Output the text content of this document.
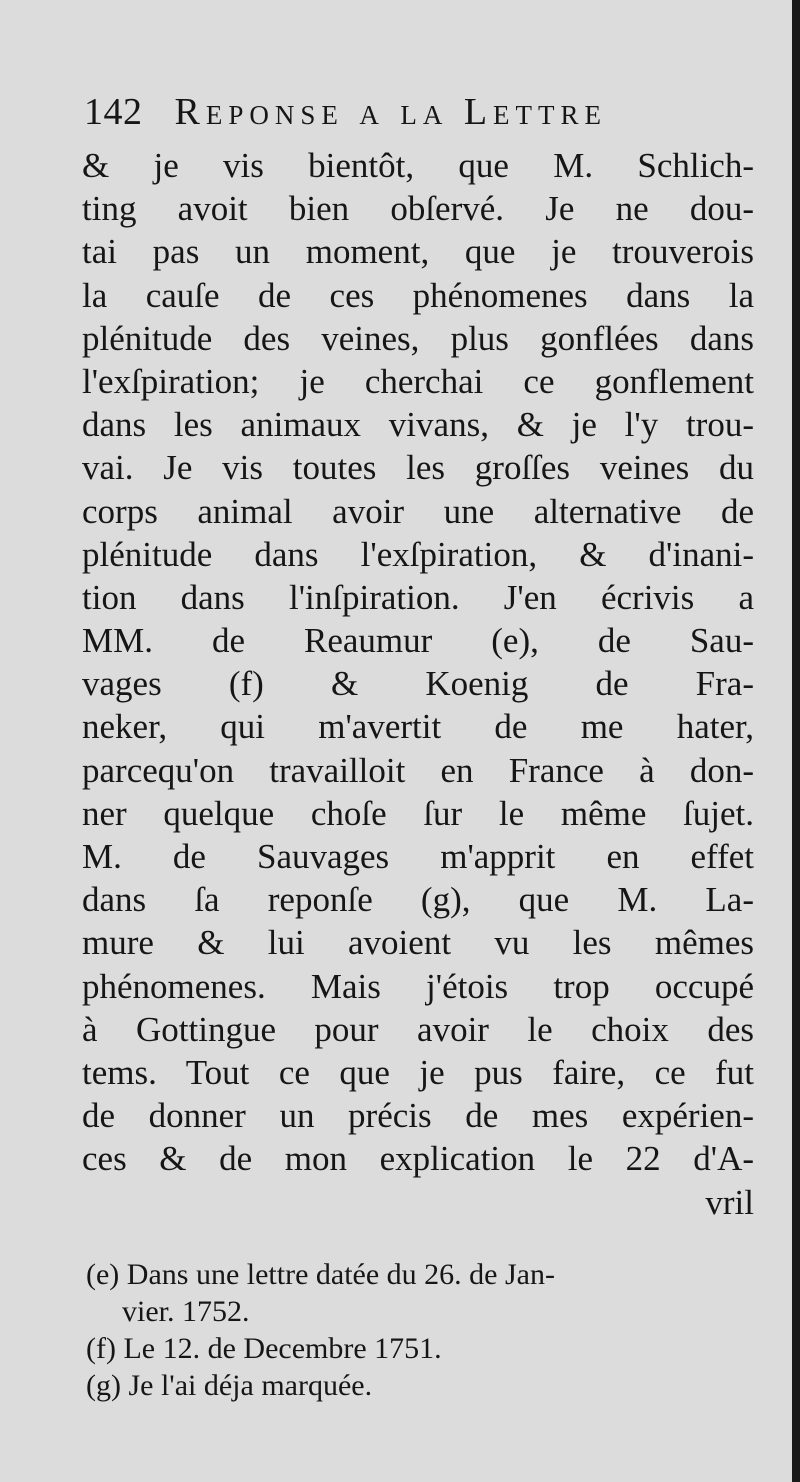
142 Reponse a la Lettre
& je vis bientôt, que M. Schlich-
ting avoit bien obſervé. Je ne dou-
tai pas un moment, que je trouverois
la cauſe de ces phénomenes dans la
plénitude des veines, plus gonflées dans
l'exſpiration; je cherchai ce gonflement
dans les animaux vivans, & je l'y trou-
vai. Je vis toutes les groſſes veines du
corps animal avoir une alternative de
plénitude dans l'exſpiration, & d'inani-
tion dans l'inſpiration. J'en écrivis a
MM. de Reaumur (e), de Sau-
vages (f) & Koenig de Fra-
neker, qui m'avertit de me hater,
parcequ'on travailloit en France à don-
ner quelque choſe ſur le même ſujet.
M. de Sauvages m'apprit en effet
dans ſa reponſe (g), que M. La-
mure & lui avoient vu les mêmes
phénomenes. Mais j'étois trop occupé
à Gottingue pour avoir le choix des
tems. Tout ce que je pus faire, ce fut
de donner un précis de mes expérien-
ces & de mon explication le 22 d'A-
vril
(e) Dans une lettre datée du 26. de Jan-
vier. 1752.
(f) Le 12. de Decembre 1751.
(g) Je l'ai déja marquée.
